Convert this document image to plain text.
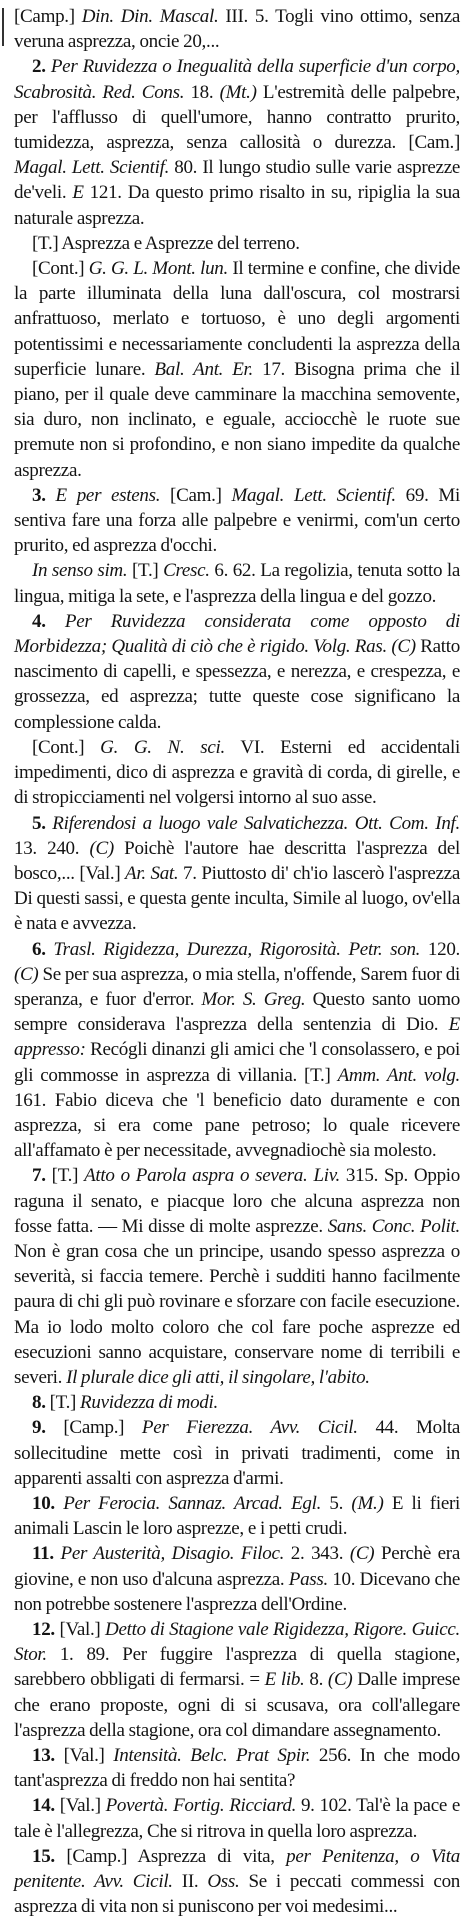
[Camp.] Din. Din. Mascal. III. 5. Togli vino ottimo, senza veruna asprezza, oncie 20,...

2. Per Ruvidezza o Inegualità della superficie d'un corpo, Scabrosità. Red. Cons. 18. (Mt.) L'estremità delle palpebre, per l'afflusso di quell'umore, hanno contratto prurito, tumidezza, asprezza, senza callosità o durezza. [Cam.] Magal. Lett. Scientif. 80. Il lungo studio sulle varie asprezze de'veli. E 121. Da questo primo risalto in su, ripiglia la sua naturale asprezza.

[T.] Asprezza e Asprezze del terreno.

[Cont.] G. G. L. Mont. lun. Il termine e confine, che divide la parte illuminata della luna dall'oscura, col mostrarsi anfrattuoso, merlato e tortuoso, è uno degli argomenti potentissimi e necessariamente concludenti la asprezza della superficie lunare. Bal. Ant. Er. 17. Bisogna prima che il piano, per il quale deve camminare la macchina semovente, sia duro, non inclinato, e eguale, acciocchè le ruote sue premute non si profondino, e non siano impedite da qualche asprezza.

3. E per estens. [Cam.] Magal. Lett. Scientif. 69. Mi sentiva fare una forza alle palpebre e venirmi, com'un certo prurito, ed asprezza d'occhi.

In senso sim. [T.] Cresc. 6. 62. La regolizia, tenuta sotto la lingua, mitiga la sete, e l'asprezza della lingua e del gozzo.

4. Per Ruvidezza considerata come opposto di Morbidezza; Qualità di ciò che è rigido. Volg. Ras. (C) Ratto nascimento di capelli, e spessezza, e nerezza, e crespezza, e grossezza, ed asprezza; tutte queste cose significano la complessione calda.

[Cont.] G. G. N. sci. VI. Esterni ed accidentali impedimenti, dico di asprezza e gravità di corda, di girelle, e di stropicciamenti nel volgersi intorno al suo asse.

5. Riferendosi a luogo vale Salvatichezza. Ott. Com. Inf. 13. 240. (C) Poichè l'autore hae descritta l'asprezza del bosco,... [Val.] Ar. Sat. 7. Piuttosto di' ch'io lascerò l'asprezza Di questi sassi, e questa gente inculta, Simile al luogo, ov'ella è nata e avvezza.

6. Trasl. Rigidezza, Durezza, Rigorosità. Petr. son. 120. (C) Se per sua asprezza, o mia stella, n'offende, Sarem fuor di speranza, e fuor d'error. Mor. S. Greg. Questo santo uomo sempre considerava l'asprezza della sentenzia di Dio. E appresso: Recógli dinanzi gli amici che 'l consolassero, e poi gli commosse in asprezza di villania. [T.] Amm. Ant. volg. 161. Fabio diceva che 'l beneficio dato duramente e con asprezza, si era come pane petroso; lo quale ricevere all'affamato è per necessitade, avvegnadiochè sia molesto.

7. [T.] Atto o Parola aspra o severa. Liv. 315. Sp. Oppio raguna il senato, e piacque loro che alcuna asprezza non fosse fatta. — Mi disse di molte asprezze. Sans. Conc. Polit. Non è gran cosa che un principe, usando spesso asprezza o severità, si faccia temere. Perchè i sudditi hanno facilmente paura di chi gli può rovinare e sforzare con facile esecuzione. Ma io lodo molto coloro che col fare poche asprezze ed esecuzioni sanno acquistare, conservare nome di terribili e severi. Il plurale dice gli atti, il singolare, l'abito.

8. [T.] Ruvidezza di modi.

9. [Camp.] Per Fierezza. Avv. Cicil. 44. Molta sollecitudine mette così in privati tradimenti, come in apparenti assalti con asprezza d'armi.

10. Per Ferocia. Sannaz. Arcad. Egl. 5. (M.) E li fieri animali Lascin le loro asprezze, e i petti crudi.

11. Per Austerità, Disagio. Filoc. 2. 343. (C) Perchè era giovine, e non uso d'alcuna asprezza. Pass. 10. Dicevano che non potrebbe sostenere l'asprezza dell'Ordine.

12. [Val.] Detto di Stagione vale Rigidezza, Rigore. Guicc. Stor. 1. 89. Per fuggire l'asprezza di quella stagione, sarebbero obbligati di fermarsi. = E lib. 8. (C) Dalle imprese che erano proposte, ogni di si scusava, ora coll'allegare l'asprezza della stagione, ora col dimandare assegnamento.

13. [Val.] Intensità. Belc. Prat Spir. 256. In che modo tant'asprezza di freddo non hai sentita?

14. [Val.] Povertà. Fortig. Ricciard. 9. 102. Tal'è la pace e tale è l'allegrezza, Che si ritrova in quella loro asprezza.

15. [Camp.] Asprezza di vita, per Penitenza, o Vita penitente. Avv. Cicil. II. Oss. Se i peccati commessi con asprezza di vita non si puniscono per voi medesimi...
